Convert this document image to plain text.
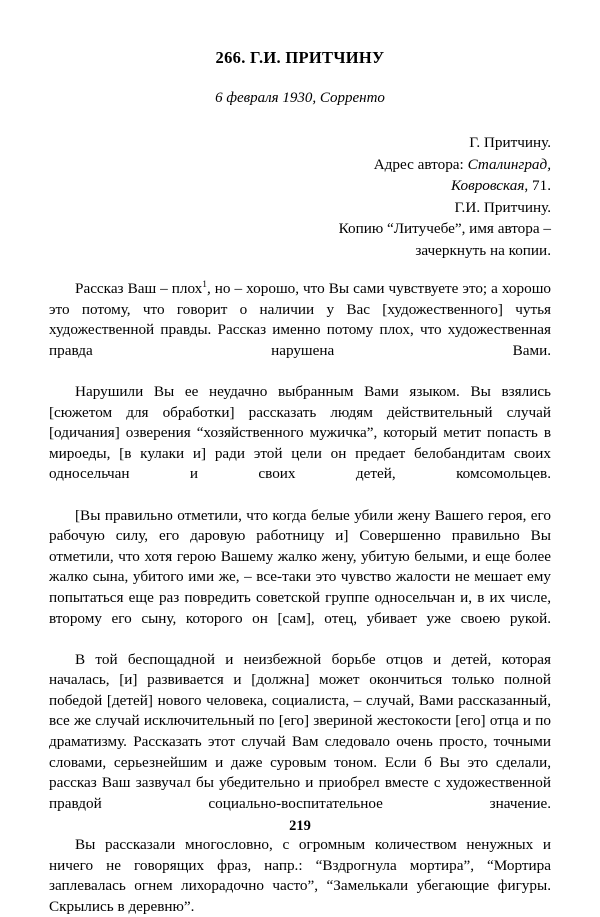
266. Г.И. ПРИТЧИНУ
6 февраля 1930, Сорренто
Г. Притчину.
Адрес автора: Сталинград,
Ковровская, 71.
Г.И. Притчину.
Копию “Литучебе”, имя автора –
зачеркнуть на копии.

Рассказ Ваш – плох$^1$, но – хорошо, что Вы сами чувствуете это; а хорошо это потому, что говорит о наличии у Вас [художественного] чутья художественной правды. Рассказ именно потому плох, что художественная правда нарушена Вами.

Нарушили Вы ее неудачно выбранным Вами языком. Вы взялись [сюжетом для обработки] рассказать людям действительный случай [одичания] озверения “хозяйственного мужичка”, который метит попасть в мироеды, [в кулаки и] ради этой цели он предает белобандитам своих односельчан и своих детей, комсомольцев.

[Вы правильно отметили, что когда белые убили жену Вашего героя, его рабочую силу, его даровую работницу и] Совершенно правильно Вы отметили, что хотя герою Вашему жалко жену, убитую белыми, и еще более жалко сына, убитого ими же, – все-таки это чувство жалости не мешает ему попытаться еще раз повредить советской группе односельчан и, в их числе, второму его сыну, которого он [сам], отец, убивает уже своею рукой.

В той беспощадной и неизбежной борьбе отцов и детей, которая началась, [и] развивается и [должна] может окончиться только полной победой [детей] нового человека, социалиста, – случай, Вами рассказанный, все же случай исключительный по [его] звериной жестокости [его] отца и по драматизму. Рассказать этот случай Вам следовало очень просто, точными словами, серьезнейшим и даже суровым тоном. Если б Вы это сделали, рассказ Ваш зазвучал бы убедительно и приобрел вместе с художественной правдой социально-воспитательное значение.

Вы рассказали многословно, с огромным количеством ненужных и ничего не говорящих фраз, напр.: “Вздрогнула мортира”, “Мортира заплевалась огнем лихорадочно часто”, “Замелькали убегающие фигуры. Скрылись в деревню”.

219
